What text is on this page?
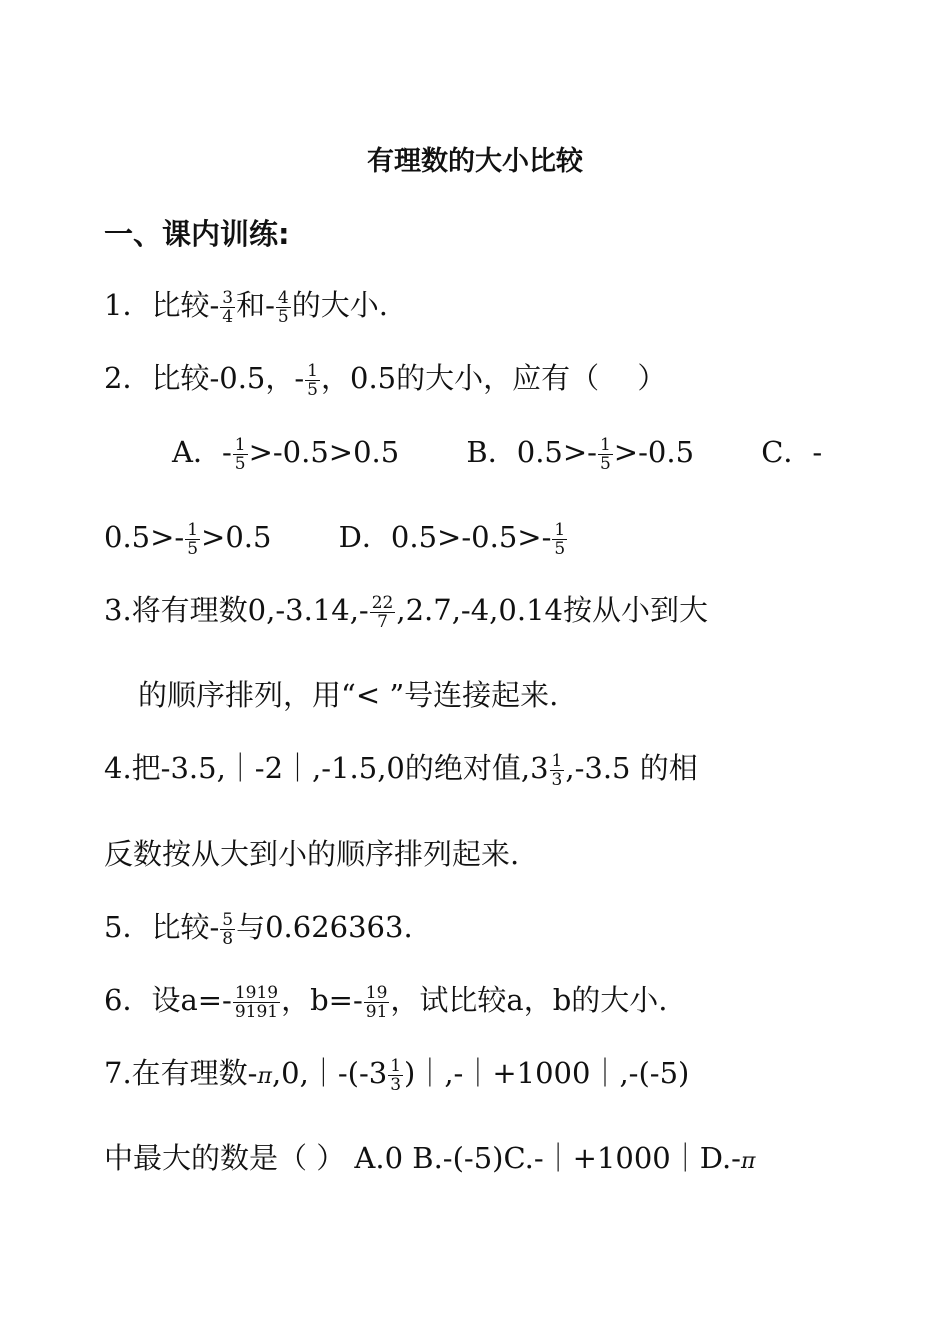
有理数的大小比较
一、课内训练:
1．比较- $\frac{3}{4}$ 和- $\frac{4}{5}$ 的大小.
2．比较-0.5，- $\frac{1}{5}$ ，0.5的大小，应有（　 ）
A．- $\frac{1}{5} >-0.5>0.5$　　 B．$0.5>- \frac{1}{5} >-0.5$　　 C．-
$0.5>- \frac{1}{5} >0.5$　　 D．$0.5>-0.5>- \frac{1}{5}$
3.将有理数$0,-3.14,- \frac{22}{7} ,2.7,-4,0.14$按从小到大
的顺序排列，用“< ”号连接起来.
4.把-3.5,｜-2｜,-1.5,0的绝对值$,3 \frac{1}{3} ,-3.5$ 的相
反数按从大到小的顺序排列起来.
5．比较- $\frac{5}{8}$ 与0.626363.
6．设$a=- \frac{1919}{9191}$ ，$b=- \frac{19}{91}$ ，试比较a，b的大小.
7.在有理数-π,0,｜-(-3 $\frac{1}{3}$ )｜,-｜+1000｜,-(-5)
中最大的数是（ ） A.0 B.-(-5)C.-｜+1000｜D.-π
